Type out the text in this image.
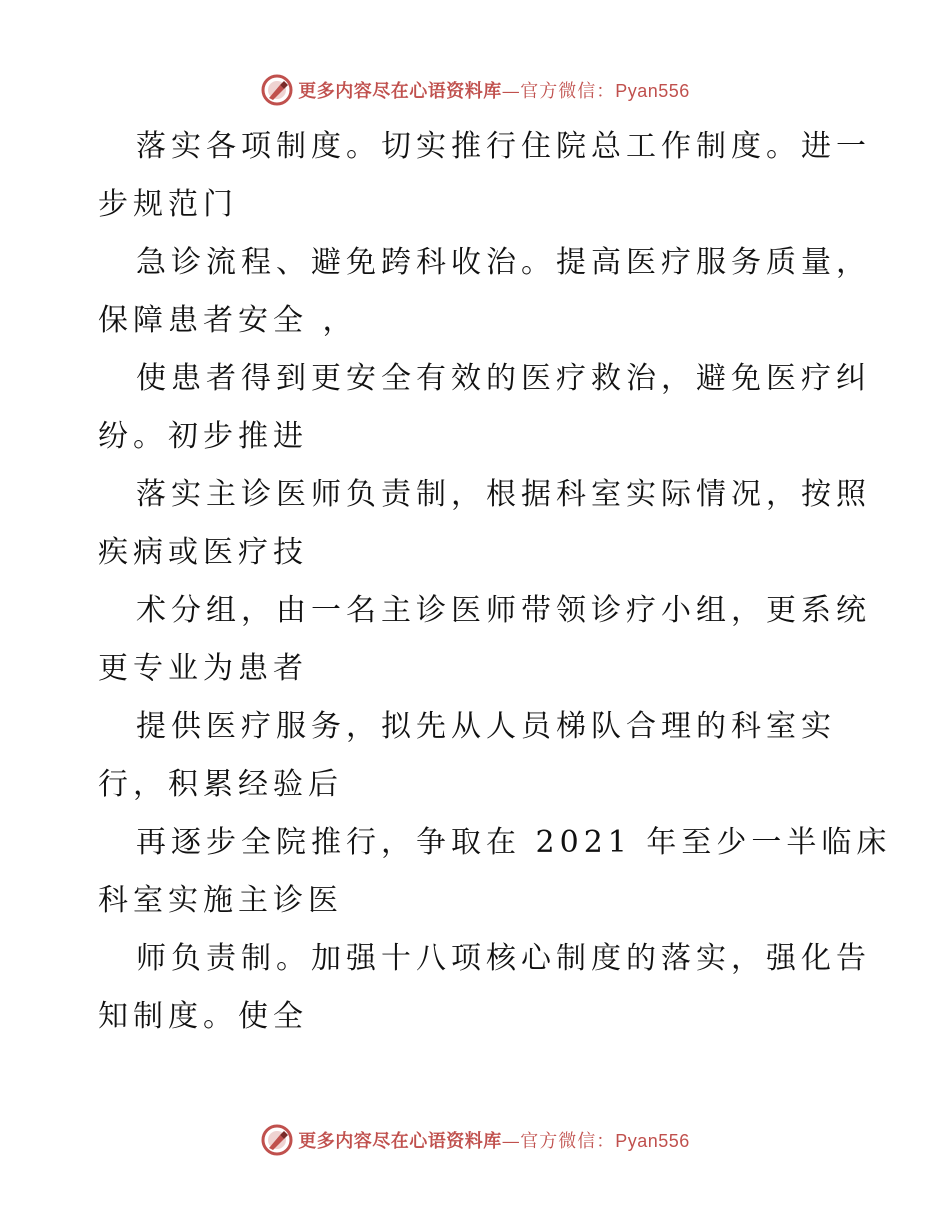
更多内容尽在心语资料库—官方微信：Pyan556

落实各项制度。切实推行住院总工作制度。进一
步规范门

急诊流程、避免跨科收治。提高医疗服务质量，
保障患者安全 ，

使患者得到更安全有效的医疗救治，避免医疗纠
纷。初步推进

落实主诊医师负责制，根据科室实际情况，按照
疾病或医疗技

术分组，由一名主诊医师带领诊疗小组，更系统
更专业为患者

提供医疗服务，拟先从人员梯队合理的科室实
行，积累经验后

再逐步全院推行，争取在 2021 年至少一半临床
科室实施主诊医

师负责制。加强十八项核心制度的落实，强化告
知制度。使全

更多内容尽在心语资料库—官方微信：Pyan556
